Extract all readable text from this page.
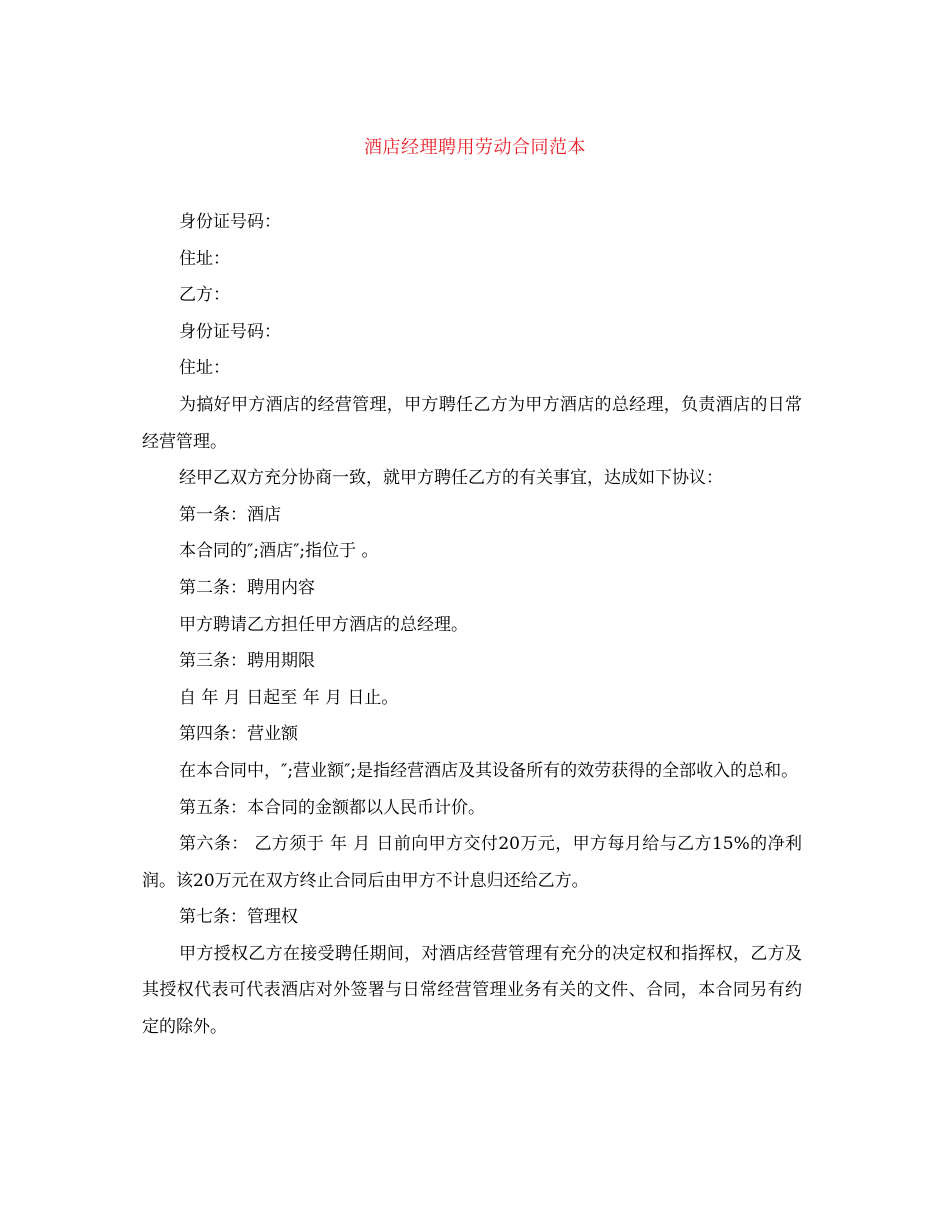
酒店经理聘用劳动合同范本

身份证号码：

住址：

乙方：

身份证号码：

住址：

为搞好甲方酒店的经营管理，甲方聘任乙方为甲方酒店的总经理，负责酒店的日常经营管理。

经甲乙双方充分协商一致，就甲方聘任乙方的有关事宜，达成如下协议：

第一条：酒店

本合同的″;酒店″;指位于 。

第二条：聘用内容

甲方聘请乙方担任甲方酒店的总经理。

第三条：聘用期限

自 年 月 日起至 年 月 日止。

第四条：营业额

在本合同中，″;营业额″;是指经营酒店及其设备所有的效劳获得的全部收入的总和。

第五条：本合同的金额都以人民币计价。

第六条： 乙方须于 年 月 日前向甲方交付20万元，甲方每月给与乙方15%的净利润。该20万元在双方终止合同后由甲方不计息归还给乙方。

第七条：管理权

甲方授权乙方在接受聘任期间，对酒店经营管理有充分的决定权和指挥权，乙方及其授权代表可代表酒店对外签署与日常经营管理业务有关的文件、合同，本合同另有约定的除外。
